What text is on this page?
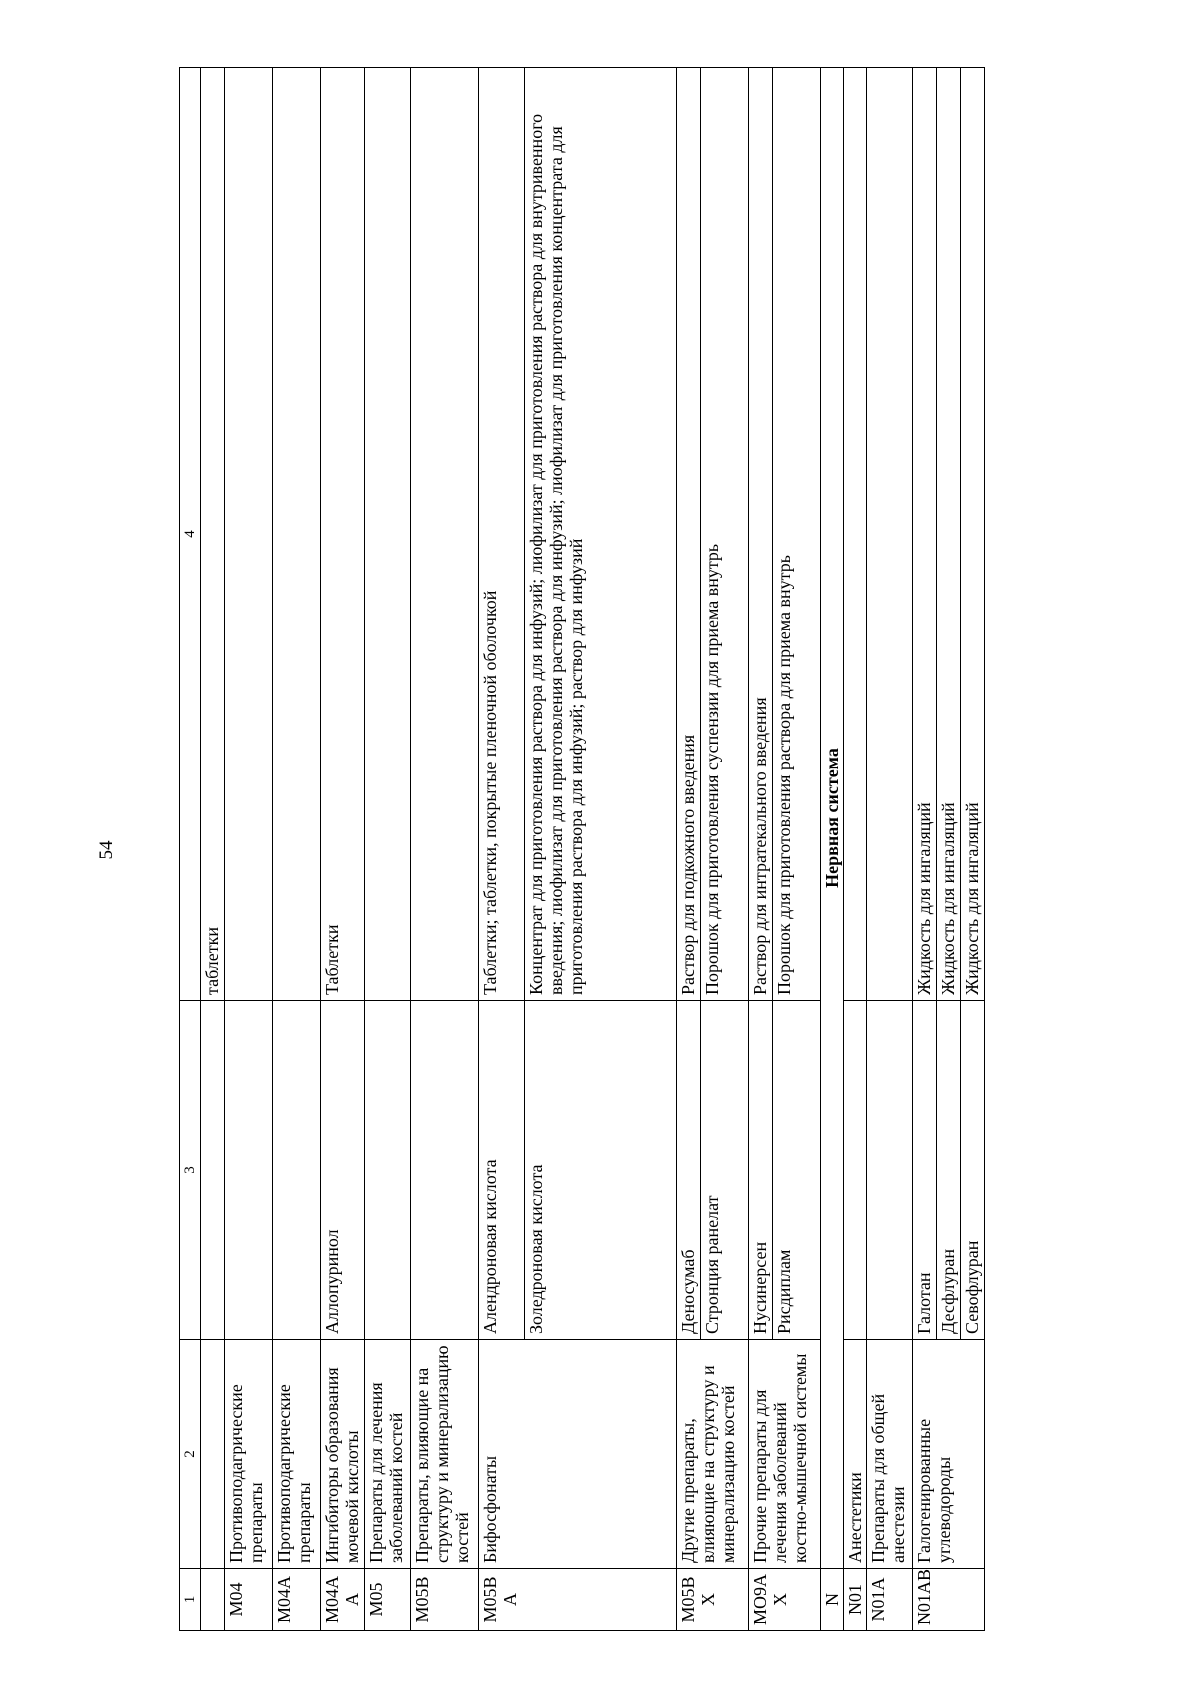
54
1	2	3	4
			таблетки
M04	Противоподагрические препараты		
M04A	Противоподагрические препараты		
M04A A	Ингибиторы образования мочевой кислоты	Аллопуринол	Таблетки
M05	Препараты для лечения заболеваний костей		
M05B	Препараты, влияющие на структуру и минерализацию костей		
M05B A	Бифосфонаты	Алендроновая кислота	Таблетки; таблетки, покрытые пленочной оболочкой
		Золедроновая кислота	Концентрат для приготовления раствора для инфузий; лиофилизат для приготовления раствора для внутривенного введения; лиофилизат для приготовления раствора для инфузий; лиофилизат для приготовления концентрата для приготовления раствора для инфузий; раствор для инфузий
M05B X	Другие препараты, влияющие на структуру и минерализацию костей	Деносумаб	Раствор для подкожного введения
		Стронция ранелат	Порошок для приготовления суспензии для приема внутрь
MO9A X	Прочие препараты для лечения заболеваний костно-мышечной системы	Нусинерсен	Раствор для интратекального введения
		Рисдиплам	Порошок для приготовления раствора для приема внутрь
N	Нервная система		
N01	Анестетики		
N01A	Препараты для общей анестезии		
N01AB	Галогенированные углеводороды	Галотан	Жидкость для ингаляций
		Десфлуран	Жидкость для ингаляций
		Севофлуран	Жидкость для ингаляций
